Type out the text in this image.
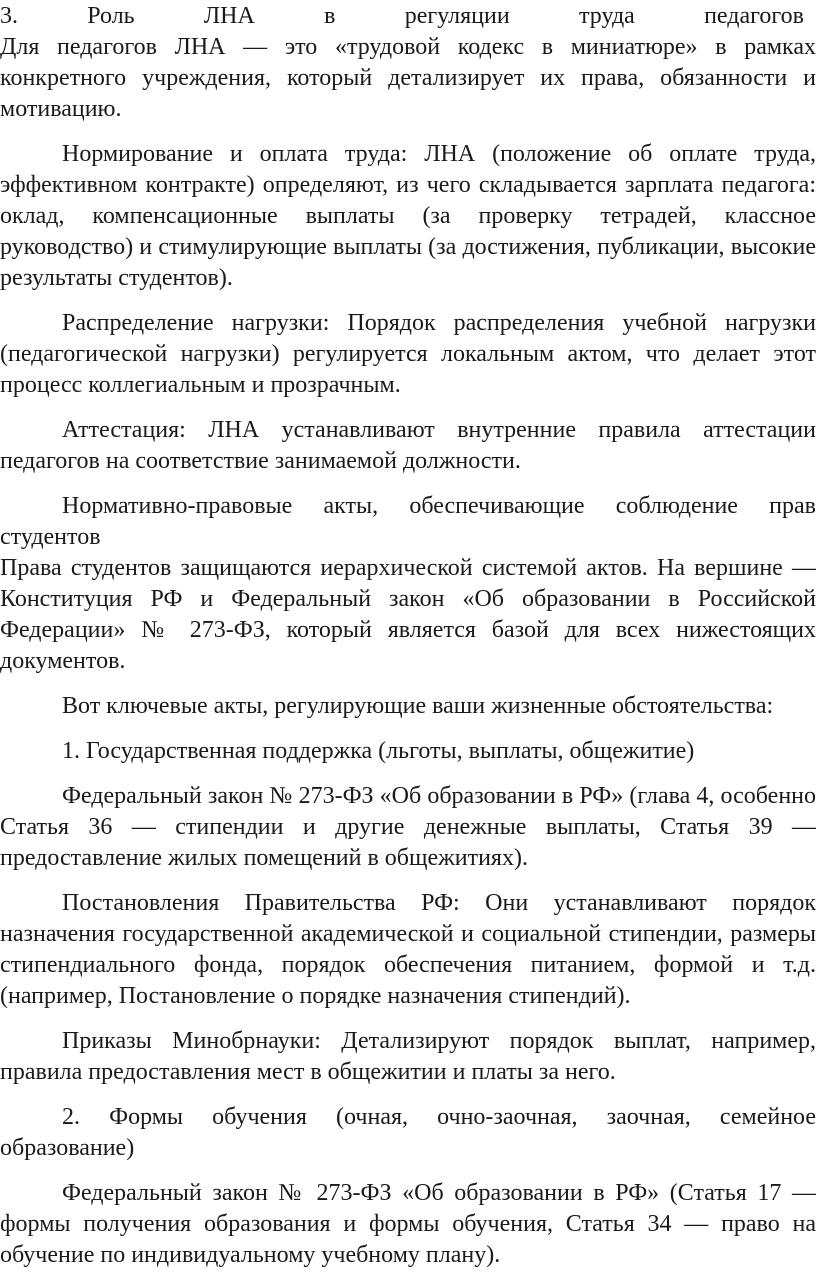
3.	Роль	ЛНА	в	регуляции	труда	педагогов

Для педагогов ЛНА — это «трудовой кодекс в миниатюре» в рамках конкретного учреждения, который детализирует их права, обязанности и мотивацию.

Нормирование и оплата труда: ЛНА (положение об оплате труда, эффективном контракте) определяют, из чего складывается зарплата педагога: оклад, компенсационные выплаты (за проверку тетрадей, классное руководство) и стимулирующие выплаты (за достижения, публикации, высокие результаты студентов).

Распределение нагрузки: Порядок распределения учебной нагрузки (педагогической нагрузки) регулируется локальным актом, что делает этот процесс коллегиальным и прозрачным.

Аттестация: ЛНА устанавливают внутренние правила аттестации педагогов на соответствие занимаемой должности.

Нормативно-правовые акты, обеспечивающие соблюдение прав студентов

Права студентов защищаются иерархической системой актов. На вершине — Конституция РФ и Федеральный закон «Об образовании в Российской Федерации» № 273-ФЗ, который является базой для всех нижестоящих документов.

Вот ключевые акты, регулирующие ваши жизненные обстоятельства:

1. Государственная поддержка (льготы, выплаты, общежитие)

Федеральный закон № 273-ФЗ «Об образовании в РФ» (глава 4, особенно Статья 36 — стипендии и другие денежные выплаты, Статья 39 — предоставление жилых помещений в общежитиях).

Постановления Правительства РФ: Они устанавливают порядок назначения государственной академической и социальной стипендии, размеры стипендиального фонда, порядок обеспечения питанием, формой и т.д. (например, Постановление о порядке назначения стипендий).

Приказы Минобрнауки: Детализируют порядок выплат, например, правила предоставления мест в общежитии и платы за него.

2. Формы обучения (очная, очно-заочная, заочная, семейное образование)

Федеральный закон № 273-ФЗ «Об образовании в РФ» (Статья 17 — формы получения образования и формы обучения, Статья 34 — право на обучение по индивидуальному учебному плану).
